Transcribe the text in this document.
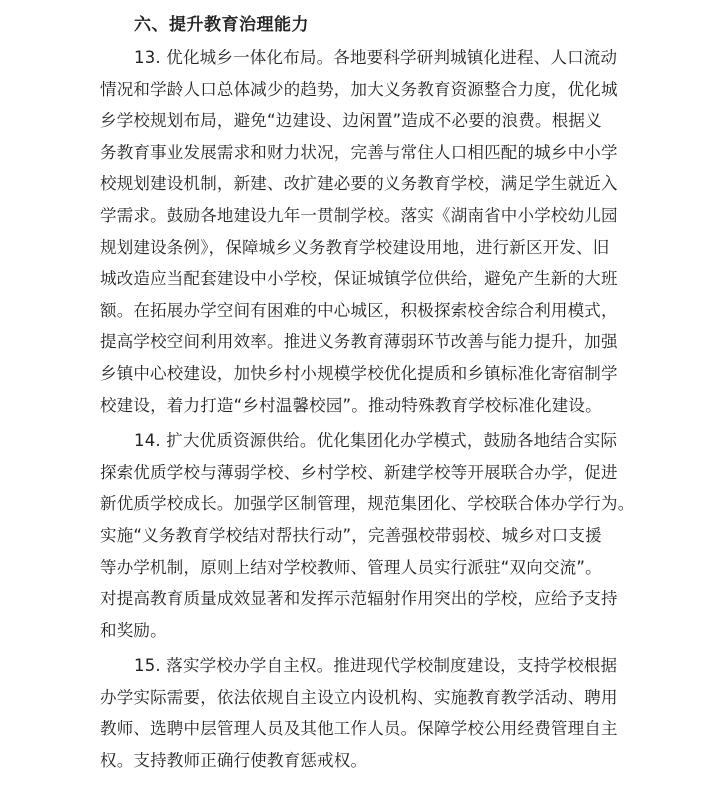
六、提升教育治理能力
13. 优化城乡一体化布局。各地要科学研判城镇化进程、人口流动
情况和学龄人口总体减少的趋势，加大义务教育资源整合力度，优化城
乡学校规划布局，避免“边建设、边闲置”造成不必要的浪费。根据义
务教育事业发展需求和财力状况，完善与常住人口相匹配的城乡中小学
校规划建设机制，新建、改扩建必要的义务教育学校，满足学生就近入
学需求。鼓励各地建设九年一贯制学校。落实《湖南省中小学校幼儿园
规划建设条例》，保障城乡义务教育学校建设用地，进行新区开发、旧
城改造应当配套建设中小学校，保证城镇学位供给，避免产生新的大班
额。在拓展办学空间有困难的中心城区，积极探索校舍综合利用模式，
提高学校空间利用效率。推进义务教育薄弱环节改善与能力提升，加强
乡镇中心校建设，加快乡村小规模学校优化提质和乡镇标准化寄宿制学
校建设，着力打造“乡村温馨校园”。推动特殊教育学校标准化建设。
14. 扩大优质资源供给。优化集团化办学模式，鼓励各地结合实际
探索优质学校与薄弱学校、乡村学校、新建学校等开展联合办学，促进
新优质学校成长。加强学区制管理，规范集团化、学校联合体办学行为。
实施“义务教育学校结对帮扶行动”，完善强校带弱校、城乡对口支援
等办学机制，原则上结对学校教师、管理人员实行派驻“双向交流”。
对提高教育质量成效显著和发挥示范辐射作用突出的学校，应给予支持
和奖励。
15. 落实学校办学自主权。推进现代学校制度建设，支持学校根据
办学实际需要，依法依规自主设立内设机构、实施教育教学活动、聘用
教师、选聘中层管理人员及其他工作人员。保障学校公用经费管理自主
权。支持教师正确行使教育惩戒权。
